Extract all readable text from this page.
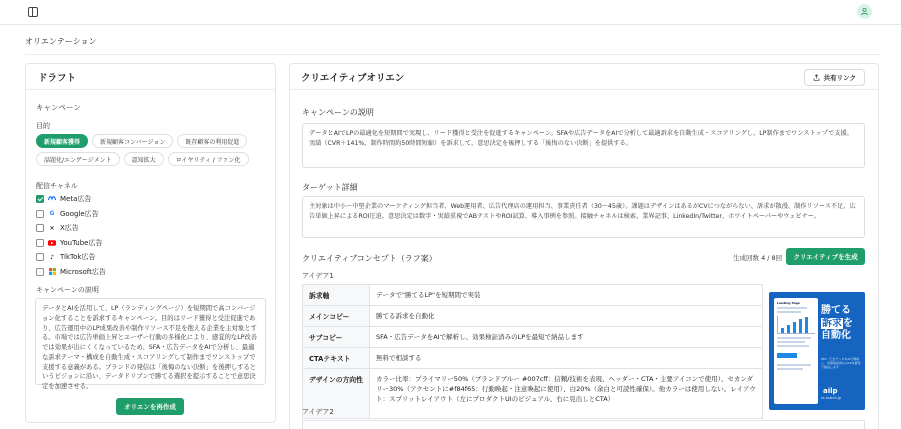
オリエンテーション
ドラフト
キャンペーン
目的
新規顧客獲得	新規顧客コンバージョン	既存顧客の利用促進
話題化/エンゲージメント	認知拡大	ロイヤリティ / ファン化
配信チャネル
Meta広告
G Google広告
✕ X広告
YouTube広告
♪ TikTok広告
Microsoft広告
キャンペーンの説明
データとAIを活用して、LP（ランディングページ）を短期間で高コンバージョン化することを訴求するキャンペーン。目的はリード獲得と受注促進であり、広告運用中のLP成果改善や制作リソース不足を抱える企業を主対象とする。市場では広告単価上昇とユーザー行動の多様化により、感覚的なLP改善では効果が出にくくなっているため、SFA・広告データをAIで分析し、最適な訴求テーマ・構成を自動生成・スコアリングして制作までワンストップで支援する意義がある。ブランドの発信は「後悔のない決断」を後押しするというビジョンに沿い、データドリブンで勝てる選択を提示することで意思決定を加速させる。
オリエンを再作成
クリエイティブオリエン	共有リンク
キャンペーンの説明
データとAIでLPの最適化を短期間で実現し、リード獲得と受注を促進するキャンペーン。SFAや広告データをAIで分析して最適訴求を自動生成・スコアリングし、LP制作までワンストップで支援。実績（CVR＋141%、制作時間約50時間短縮）を訴求して、意思決定を後押しする「後悔のない決断」を提供する。
ターゲット詳細
主対象は中小〜中堅企業のマーケティング担当者、Web運用者、広告代理店の運用担当、事業責任者（30〜45歳）。課題はデザインはあるがCVにつながらない、訴求が散漫、制作リソース不足、広告単価上昇によるROI圧迫。意思決定は数字・実績重視でABテストやROI試算、導入事例を参照。接触チャネルは検索、業界記事、LinkedIn/Twitter、ホワイトペーパーやウェビナー。
クリエイティブコンセプト（ラフ案）	生成回数 4 / 8回	クリエイティブを生成
アイデア1
訴求軸	データで"勝てるLP"を短期間で実装
メインコピー	勝てる訴求を自動化
サブコピー	SFA・広告データをAIで解析し、効果検証済みのLPを最短で納品します
CTAテキスト	無料で相談する
デザインの方向性	カラー比率：プライマリー50%（ブランドブルー #007cff：信頼/技術を表現、ヘッダー・CTA・主要アイコンで使用）、セカンダリー30%（アクセントに#f84f65：行動喚起・注意喚起に使用）、白20%（余白と可読性確保）。他カラーは使用しない。レイアウト：スプリットレイアウト（左にプロダクトUIのビジュアル、右に見出しとCTA）
Landing Page
勝てる
訴求を
自動化
SFA・広告データをAIで解析し、効果検証済みのLPを最短で納品します
ailp
re-match.jp
アイデア2
